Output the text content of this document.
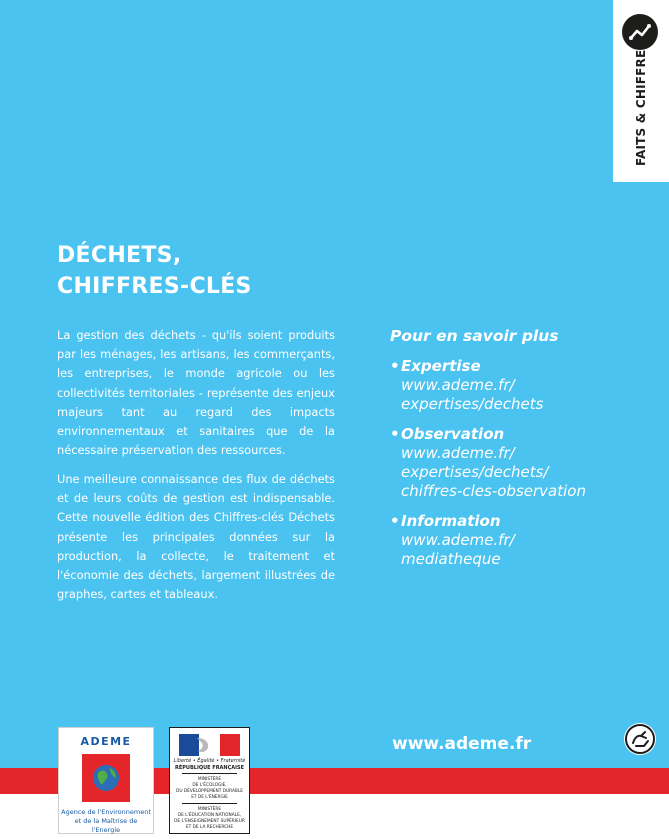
FAITS & CHIFFRES
DÉCHETS,
CHIFFRES-CLÉS

La gestion des déchets - qu'ils soient produits par les ménages, les artisans, les commerçants, les entreprises, le monde agricole ou les collectivités territoriales - représente des enjeux majeurs tant au regard des impacts environnementaux et sanitaires que de la nécessaire préservation des ressources.

Une meilleure connaissance des flux de déchets et de leurs coûts de gestion est indispensable. Cette nouvelle édition des Chiffres-clés Déchets présente les principales données sur la production, la collecte, le traitement et l'économie des déchets, largement illustrées de graphes, cartes et tableaux.

Pour en savoir plus

• Expertise
www.ademe.fr/
expertises/dechets
• Observation
www.ademe.fr/
expertises/dechets/
chiffres-cles-observation
• Information
www.ademe.fr/
mediatheque
www.ademe.fr
ADEME
Agence de l'Environnement
et de la Maîtrise de l'Energie
Liberté • Égalité • Fraternité
RÉPUBLIQUE FRANÇAISE
MINISTÈRE
DE L'ÉCOLOGIE,
DU DÉVELOPPEMENT DURABLE
ET DE L'ÉNERGIE
MINISTÈRE
DE L'ÉDUCATION NATIONALE,
DE L'ENSEIGNEMENT SUPÉRIEUR
ET DE LA RECHERCHE
